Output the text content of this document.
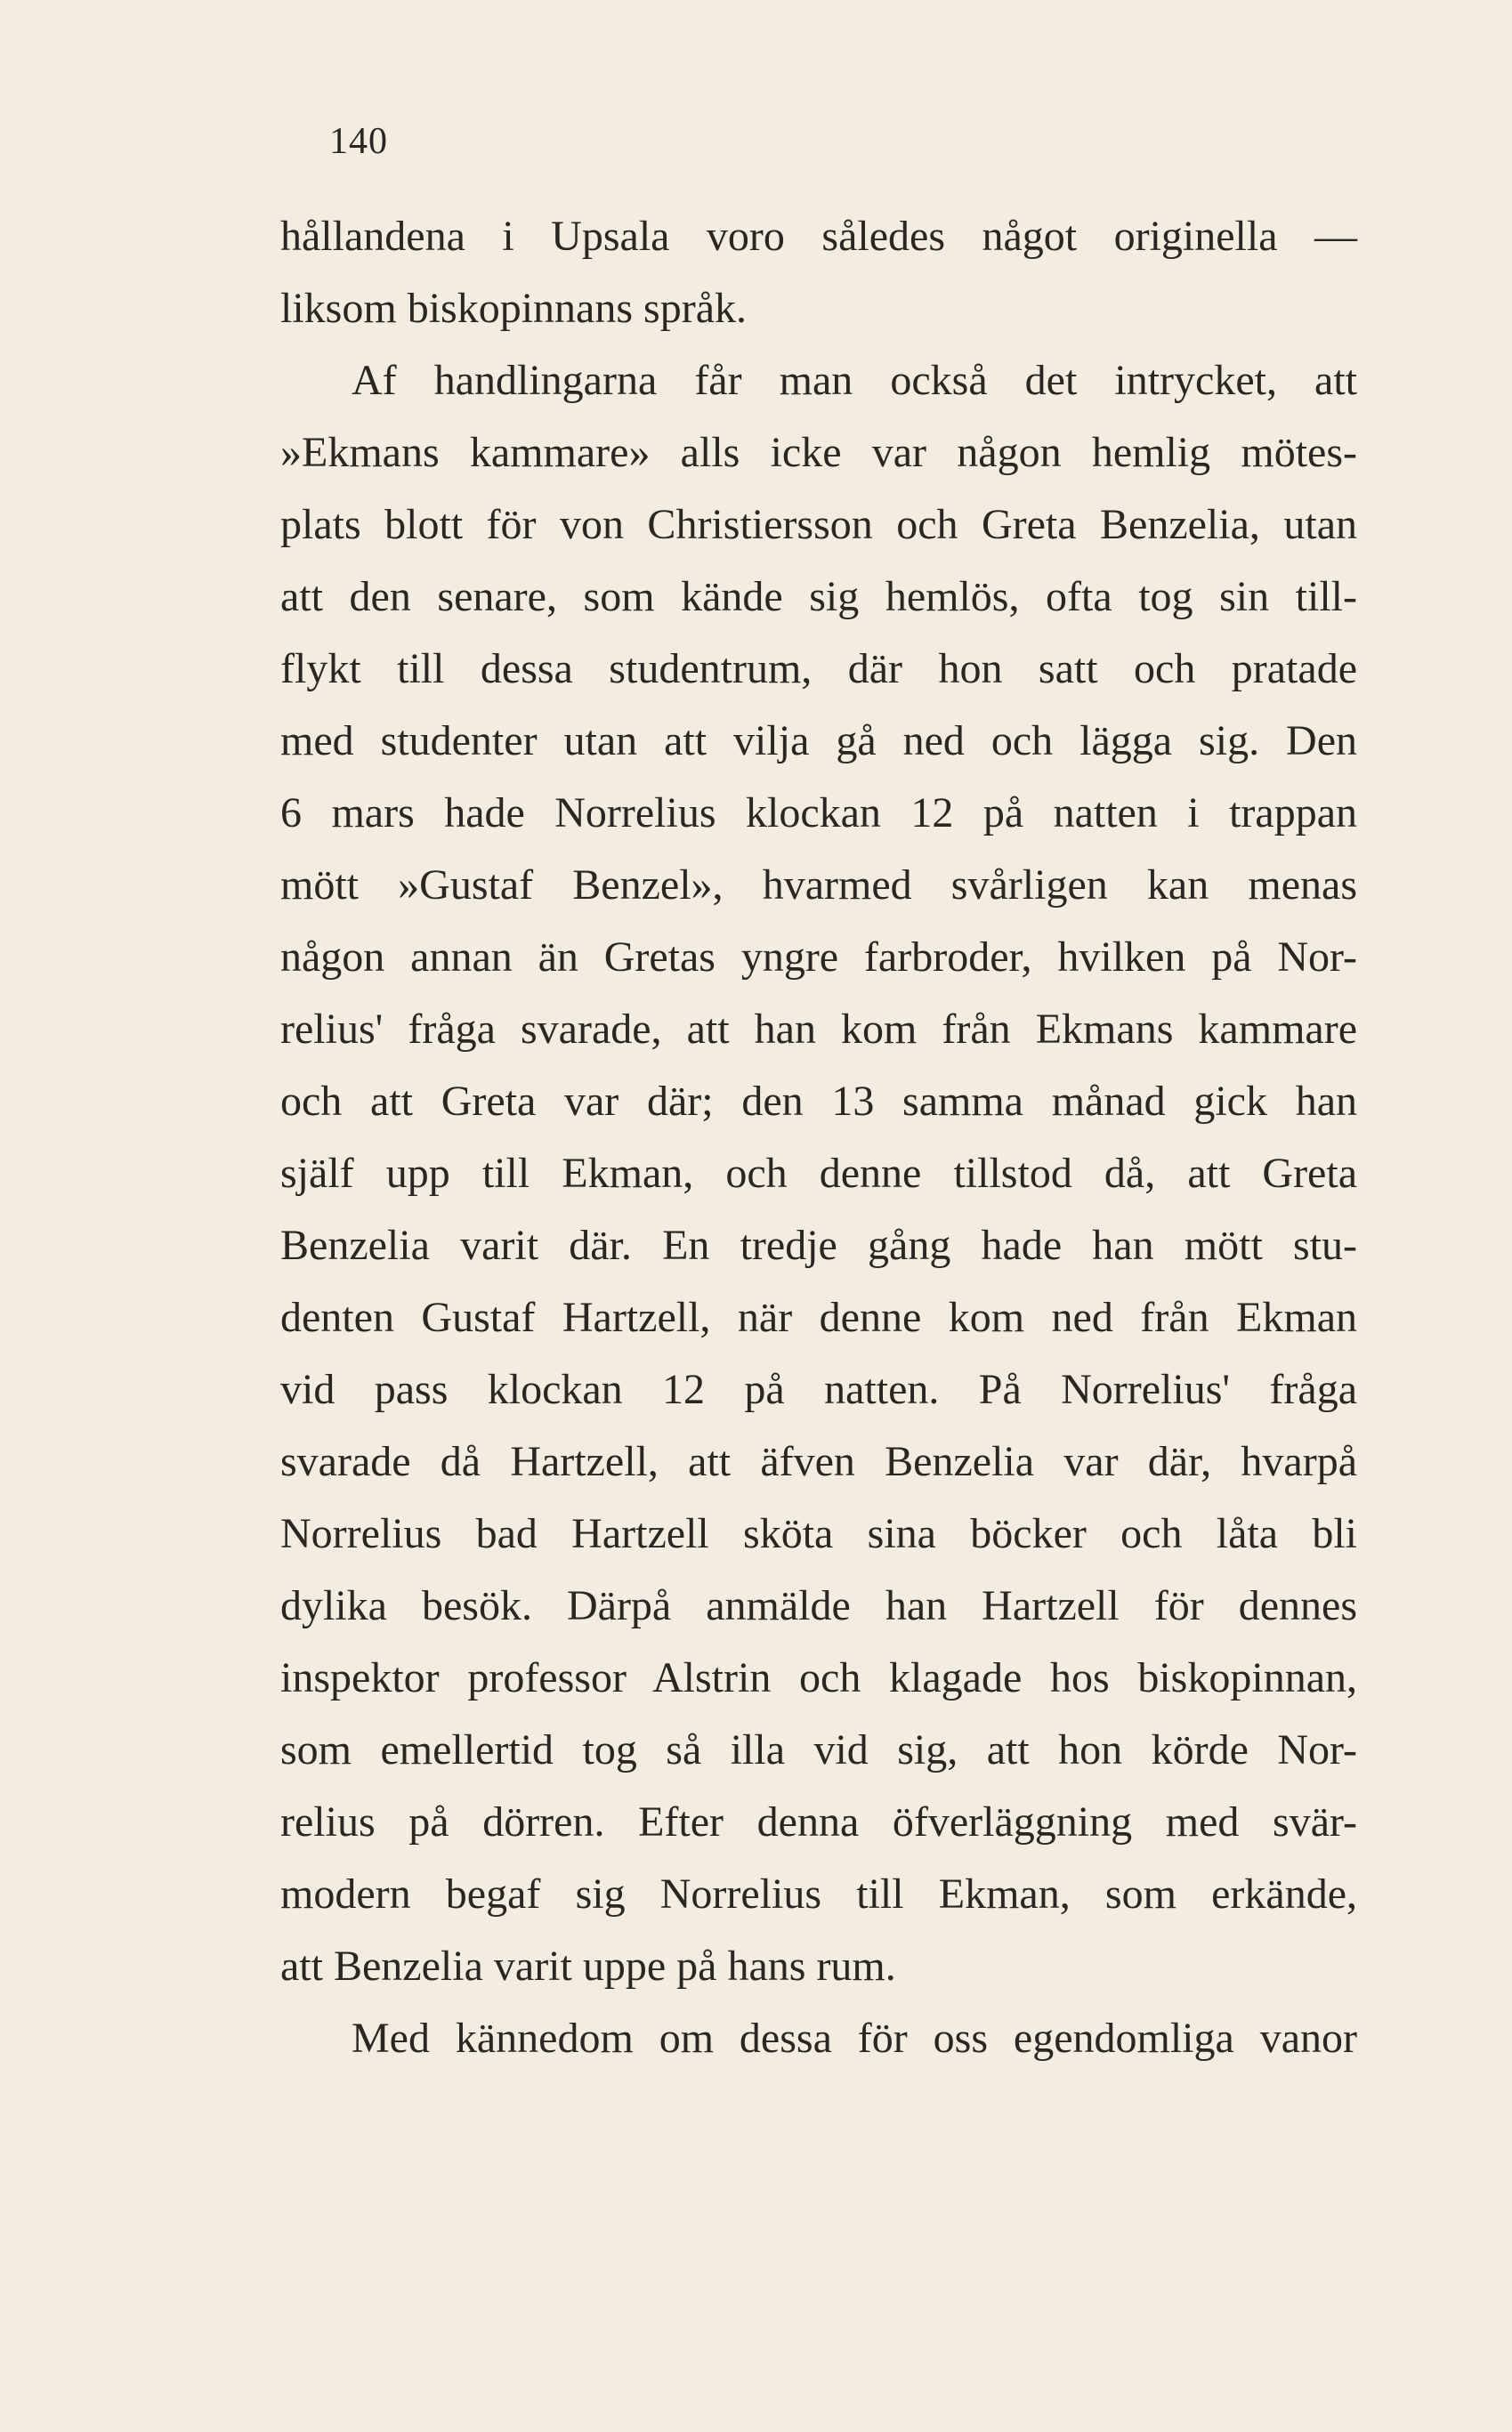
140
hållandena i Upsala voro således något originella —
liksom biskopinnans språk.
Af handlingarna får man också det intrycket, att
»Ekmans kammare» alls icke var någon hemlig mötes-
plats blott för von Christiersson och Greta Benzelia, utan
att den senare, som kände sig hemlös, ofta tog sin till-
flykt till dessa studentrum, där hon satt och pratade
med studenter utan att vilja gå ned och lägga sig. Den
6 mars hade Norrelius klockan 12 på natten i trappan
mött »Gustaf Benzel», hvarmed svårligen kan menas
någon annan än Gretas yngre farbroder, hvilken på Nor-
relius' fråga svarade, att han kom från Ekmans kammare
och att Greta var där; den 13 samma månad gick han
själf upp till Ekman, och denne tillstod då, att Greta
Benzelia varit där. En tredje gång hade han mött stu-
denten Gustaf Hartzell, när denne kom ned från Ekman
vid pass klockan 12 på natten. På Norrelius' fråga
svarade då Hartzell, att äfven Benzelia var där, hvarpå
Norrelius bad Hartzell sköta sina böcker och låta bli
dylika besök. Därpå anmälde han Hartzell för dennes
inspektor professor Alstrin och klagade hos biskopinnan,
som emellertid tog så illa vid sig, att hon körde Nor-
relius på dörren. Efter denna öfverläggning med svär-
modern begaf sig Norrelius till Ekman, som erkände,
att Benzelia varit uppe på hans rum.
Med kännedom om dessa för oss egendomliga vanor
